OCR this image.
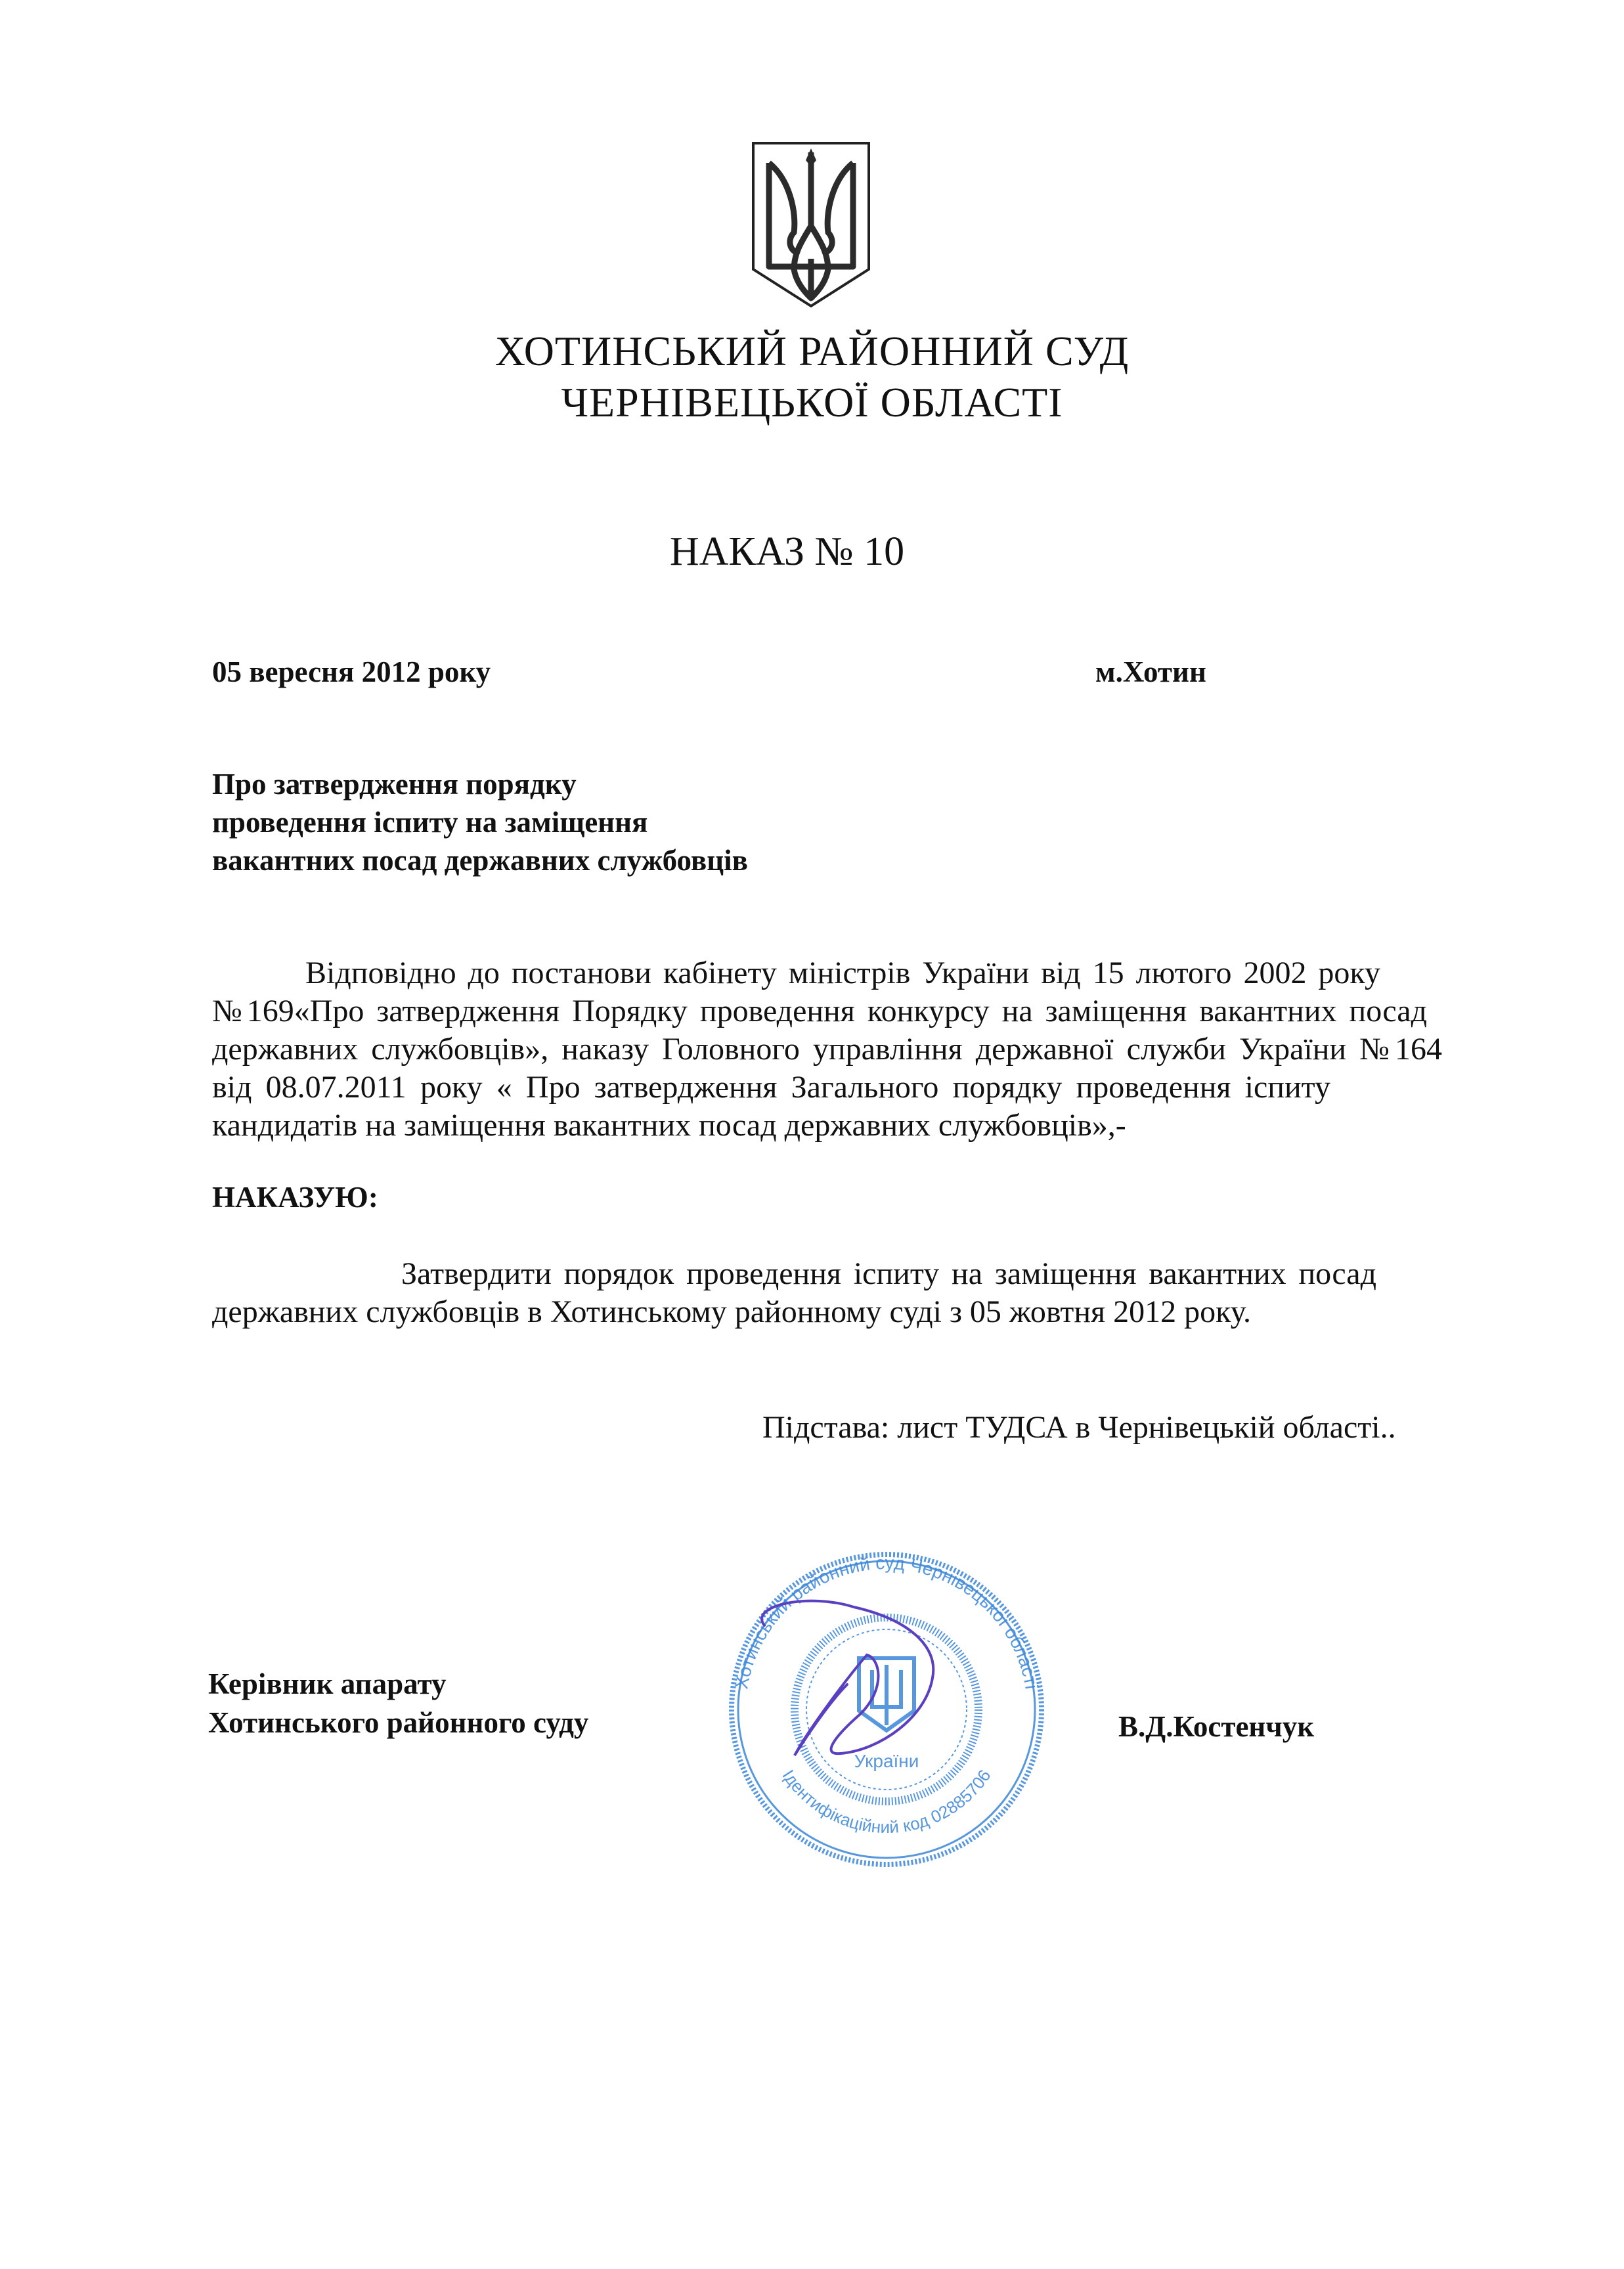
ХОТИНСЬКИЙ РАЙОННИЙ СУД
ЧЕРНІВЕЦЬКОЇ ОБЛАСТІ
НАКАЗ № 10
05 вересня 2012 року	м.Хотин
Про затвердження порядку
проведення іспиту на заміщення
вакантних посад державних службовців
Відповідно до постанови кабінету міністрів України від 15 лютого 2002 року
№169«Про затвердження Порядку проведення конкурсу на заміщення вакантних посад
державних службовців», наказу Головного управління державної служби України №164
від 08.07.2011 року « Про затвердження Загального порядку проведення іспиту
кандидатів на заміщення вакантних посад державних службовців»,-
НАКАЗУЮ:
Затвердити порядок проведення іспиту на заміщення вакантних посад
державних службовців в Хотинському районному суді з 05 жовтня 2012 року.
Підстава: лист ТУДСА в Чернівецькій області..
Керівник апарату
Хотинського районного суду	В.Д.Костенчук
Хотинський районний суд Чернівецької області
Ідентифікаційний код 02885706
України
